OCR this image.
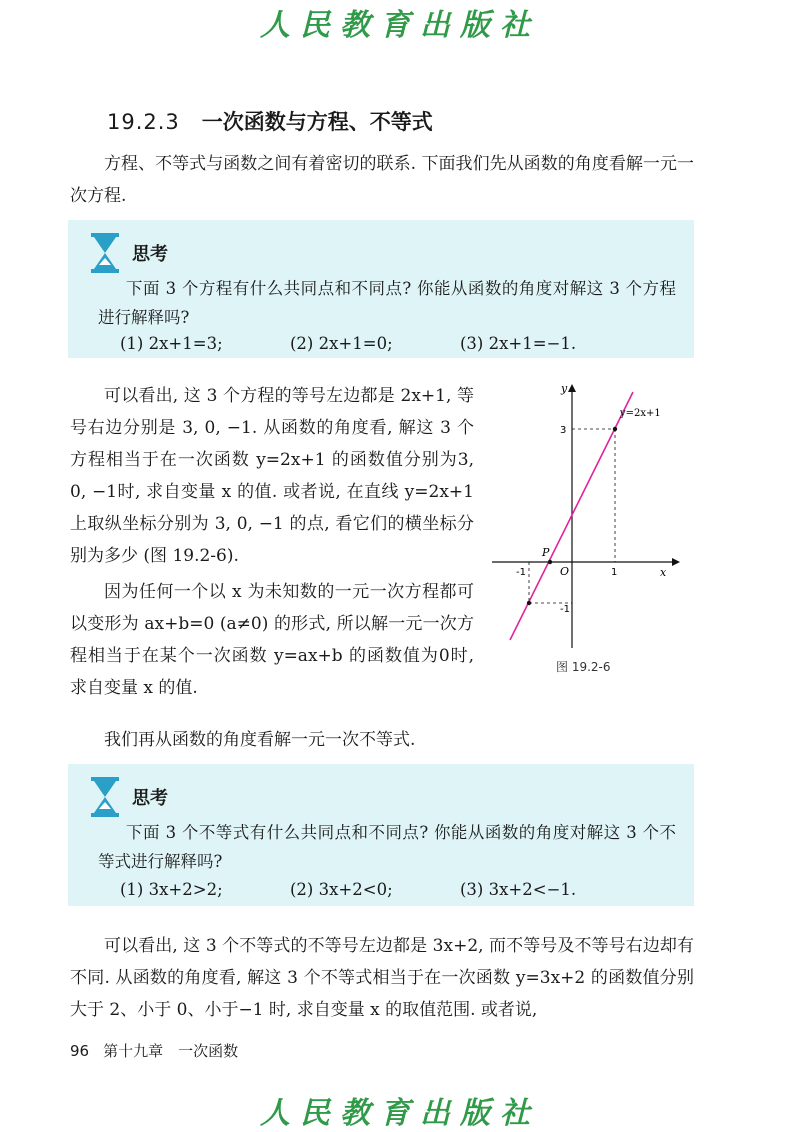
人民教育出版社
19.2.3 一次函数与方程、不等式

方程、不等式与函数之间有着密切的联系. 下面我们先从函数的角度看解一元一次方程.

思考

下面 3 个方程有什么共同点和不同点? 你能从函数的角度对解这 3 个方程进行解释吗?

(1) 2x+1=3;	(2) 2x+1=0;	(3) 2x+1=−1.

可以看出, 这 3 个方程的等号左边都是 2x+1, 等号右边分别是 3, 0, −1. 从函数的角度看, 解这 3 个方程相当于在一次函数 y=2x+1 的函数值分别为3, 0, −1时, 求自变量 x 的值. 或者说, 在直线 y=2x+1 上取纵坐标分别为 3, 0, −1 的点, 看它们的横坐标分别为多少 (图 19.2-6).

因为任何一个以 x 为未知数的一元一次方程都可以变形为 ax+b=0 (a≠0) 的形式, 所以解一元一次方程相当于在某个一次函数 y=ax+b 的函数值为0时, 求自变量 x 的值.

y
x
O
P
y=2x+1
-1	1
3
-1
图 19.2-6

我们再从函数的角度看解一元一次不等式.

思考

下面 3 个不等式有什么共同点和不同点? 你能从函数的角度对解这 3 个不等式进行解释吗?

(1) 3x+2>2;	(2) 3x+2<0;	(3) 3x+2<−1.

可以看出, 这 3 个不等式的不等号左边都是 3x+2, 而不等号及不等号右边却有不同. 从函数的角度看, 解这 3 个不等式相当于在一次函数 y=3x+2 的函数值分别大于 2、小于 0、小于−1 时, 求自变量 x 的取值范围. 或者说,

96 第十九章　一次函数
人民教育出版社
